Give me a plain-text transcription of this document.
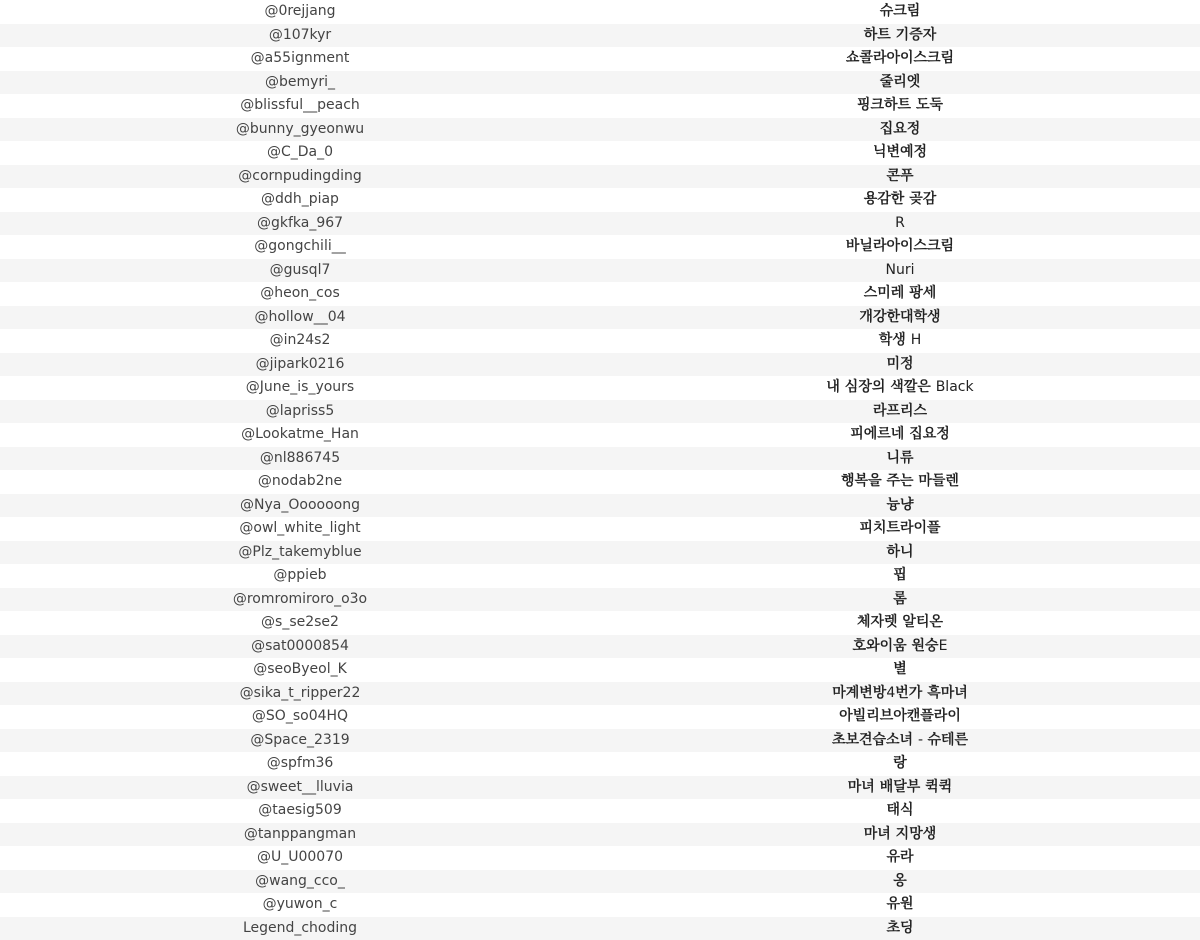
@0rejjang	슈크림
@107kyr	하트 기증자
@a55ignment	쇼콜라아이스크림
@bemyri_	줄리엣
@blissful__peach	핑크하트 도둑
@bunny_gyeonwu	집요정
@C_Da_0	닉변예정
@cornpudingding	콘푸
@ddh_piap	용감한 곶감
@gkfka_967	R
@gongchili__	바닐라아이스크림
@gusql7	Nuri
@heon_cos	스미레 팡세
@hollow__04	개강한대학생
@in24s2	학생 H
@jipark0216	미정
@June_is_yours	내 심장의 색깔은 Black
@lapriss5	라프리스
@Lookatme_Han	피에르네 집요정
@nl886745	니류
@nodab2ne	행복을 주는 마들렌
@Nya_Oooooong	늉냥
@owl_white_light	피치트라이플
@Plz_takemyblue	하니
@ppieb	핍
@romromiroro_o3o	롬
@s_se2se2	체자렛 알티온
@sat0000854	호와이움 원숭E
@seoByeol_K	별
@sika_t_ripper22	마계변방4번가 흑마녀
@SO_so04HQ	아빌리브아캔플라이
@Space_2319	초보견습소녀 - 슈테른
@spfm36	랑
@sweet__lluvia	마녀 배달부 퀵퀵
@taesig509	태식
@tanppangman	마녀 지망생
@U_U00070	유라
@wang_cco_	옹
@yuwon_c	유원
Legend_choding	초딩
